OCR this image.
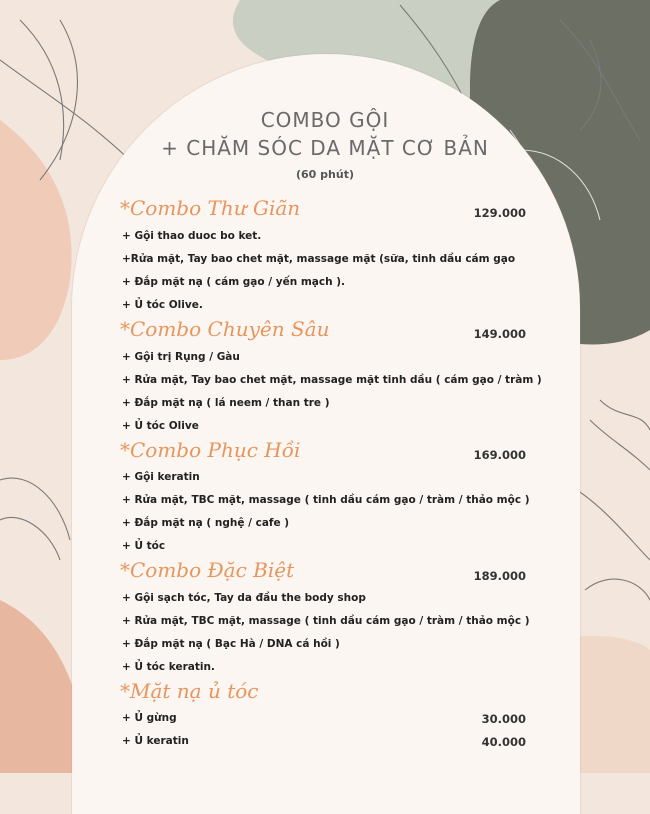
COMBO GỘI
+ CHĂM SÓC DA MẶT CƠ BẢN
(60 phút)
*Combo Thư Giãn	129.000
+ Gội thao duoc bo ket.
+Rửa mặt, Tay bao chet mặt, massage mặt (sữa, tinh dầu cám gạo
+ Đắp mặt nạ ( cám gạo / yến mạch ).
+ Ủ tóc Olive.
*Combo Chuyên Sâu	149.000
+ Gội trị Rụng / Gàu
+ Rửa mặt, Tay bao chet mặt, massage mặt tinh dầu ( cám gạo / tràm )
+ Đắp mặt nạ ( lá neem / than tre )
+ Ủ tóc Olive
*Combo Phục Hồi	169.000
+ Gội keratin
+ Rửa mặt, TBC mặt, massage ( tinh dầu cám gạo / tràm / thảo mộc )
+ Đắp mặt nạ ( nghệ / cafe )
+ Ủ tóc
*Combo Đặc Biệt	189.000
+ Gội sạch tóc, Tay da đầu the body shop
+ Rửa mặt, TBC mặt, massage ( tinh dầu cám gạo / tràm / thảo mộc )
+ Đắp mặt nạ ( Bạc Hà / DNA cá hồi )
+ Ủ tóc keratin.
*Mặt nạ ủ tóc
+ Ủ gừng	30.000
+ Ủ keratin	40.000
